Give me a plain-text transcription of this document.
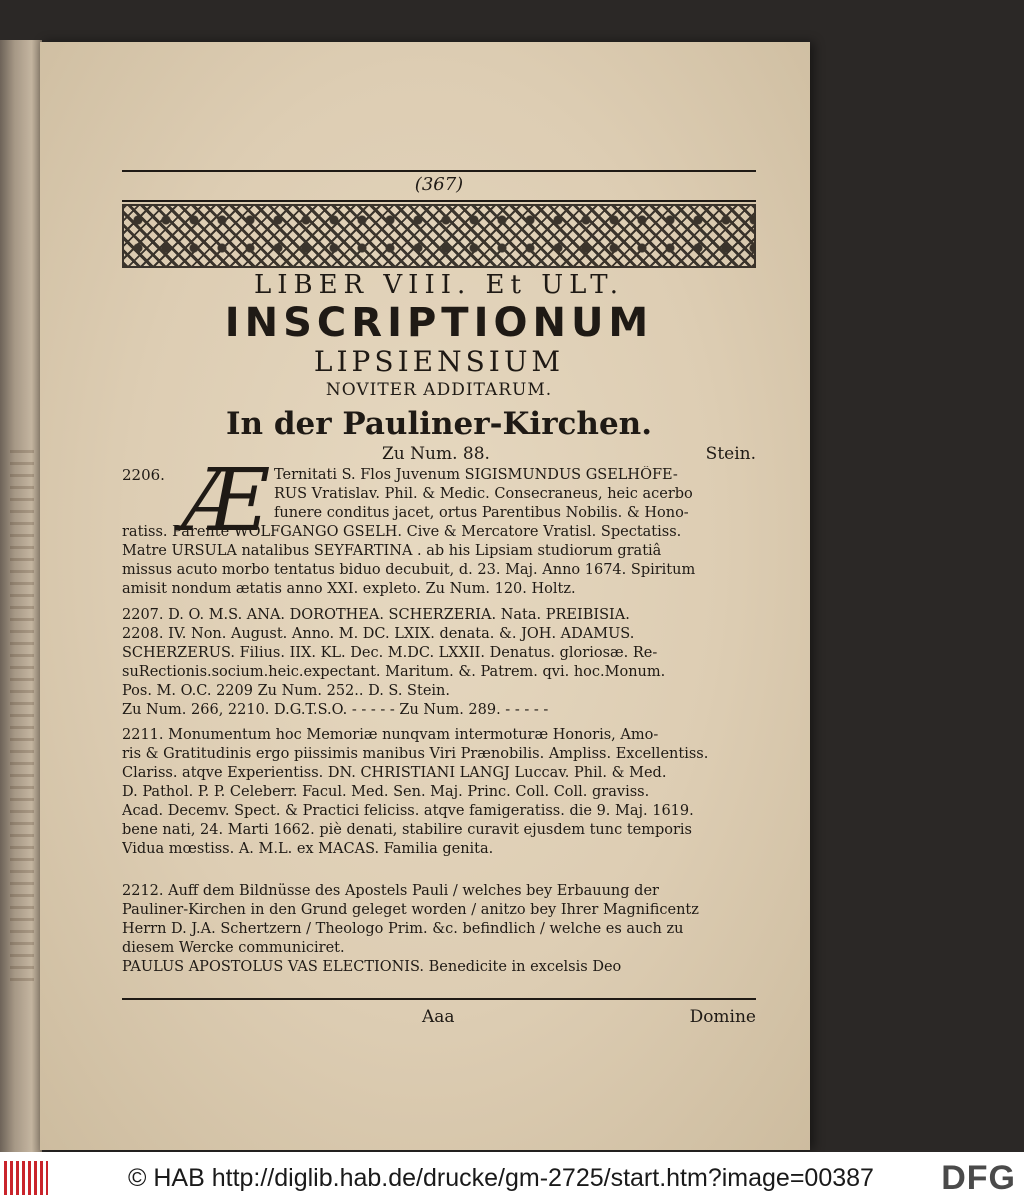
(367)
LIBER VIII. Et ULT.
INSCRIPTIONUM
LIPSIENSIUM
NOVITER ADDITARUM.
In der Pauliner-Kirchen.
Zu Num. 88.	Stein.
2206. Æ Ternitati S. Flos Juvenum SIGISMUNDUS GSELHÖFE-
RUS Vratislav. Phil. & Medic. Consecraneus, heic acerbo
funere conditus jacet, ortus Parentibus Nobilis. & Hono-
ratiss. Parente WOLFGANGO GSELH. Cive & Mercatore Vratisl. Spectatiss.
Matre URSULA natalibus SEYFARTINA . ab his Lipsiam studiorum gratiâ
missus acuto morbo tentatus biduo decubuit, d. 23. Maj. Anno 1674. Spiritum
amisit nondum ætatis anno XXI. expleto. Zu Num. 120. Holtz.
2207. D. O. M.S. ANA. DOROTHEA. SCHERZERIA. Nata. PREIBISIA.
2208. IV. Non. August. Anno. M. DC. LXIX. denata. &. JOH. ADAMUS.
SCHERZERUS. Filius. IIX. KL. Dec. M.DC. LXXII. Denatus. gloriosæ. Re-
suRectionis.socium.heic.expectant. Maritum. &. Patrem. qvi. hoc.Monum.
Pos. M. O.C. 2209 Zu Num. 252.. D. S. Stein.
Zu Num. 266, 2210. D.G.T.S.O. - - - - - Zu Num. 289. - - - - -
2211. Monumentum hoc Memoriæ nunqvam intermoturæ Honoris, Amo-
ris & Gratitudinis ergo piissimis manibus Viri Prænobilis. Ampliss. Excellentiss.
Clariss. atqve Experientiss. DN. CHRISTIANI LANGJ Luccav. Phil. & Med.
D. Pathol. P. P. Celeberr. Facul. Med. Sen. Maj. Princ. Coll. Coll. graviss.
Acad. Decemv. Spect. & Practici feliciss. atqve famigeratiss. die 9. Maj. 1619.
bene nati, 24. Marti 1662. piè denati, stabilire curavit ejusdem tunc temporis
Vidua mœstiss. A. M.L. ex MACAS. Familia genita.
2212. Auff dem Bildnüsse des Apostels Pauli / welches bey Erbauung der
Pauliner-Kirchen in den Grund geleget worden / anitzo bey Ihrer Magnificentz
Herrn D. J.A. Schertzern / Theologo Prim. &c. befindlich / welche es auch zu
diesem Wercke communiciret.
PAULUS APOSTOLUS VAS ELECTIONIS. Benedicite in excelsis Deo
Aaa	Domine
© HAB http://diglib.hab.de/drucke/gm-2725/start.htm?image=00387 DFG
